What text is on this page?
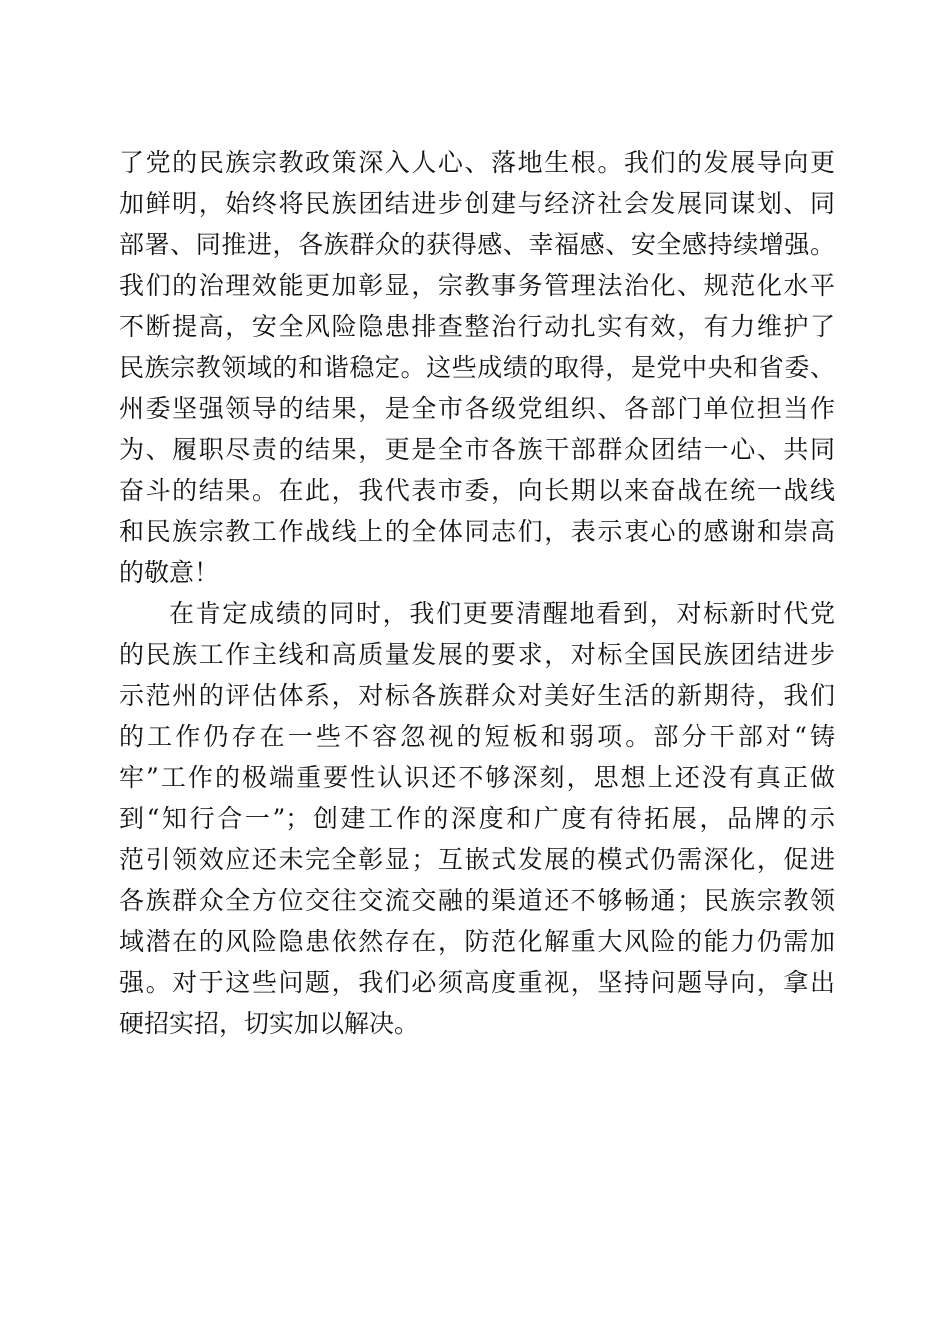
了党的民族宗教政策深入人心、落地生根。我们的发展导向更
加鲜明，始终将民族团结进步创建与经济社会发展同谋划、同
部署、同推进，各族群众的获得感、幸福感、安全感持续增强。
我们的治理效能更加彰显，宗教事务管理法治化、规范化水平
不断提高，安全风险隐患排查整治行动扎实有效，有力维护了
民族宗教领域的和谐稳定。这些成绩的取得，是党中央和省委、
州委坚强领导的结果，是全市各级党组织、各部门单位担当作
为、履职尽责的结果，更是全市各族干部群众团结一心、共同
奋斗的结果。在此，我代表市委，向长期以来奋战在统一战线
和民族宗教工作战线上的全体同志们，表示衷心的感谢和崇高
的敬意！
在肯定成绩的同时，我们更要清醒地看到，对标新时代党
的民族工作主线和高质量发展的要求，对标全国民族团结进步
示范州的评估体系，对标各族群众对美好生活的新期待，我们
的工作仍存在一些不容忽视的短板和弱项。部分干部对“铸
牢”工作的极端重要性认识还不够深刻，思想上还没有真正做
到“知行合一”；创建工作的深度和广度有待拓展，品牌的示
范引领效应还未完全彰显；互嵌式发展的模式仍需深化，促进
各族群众全方位交往交流交融的渠道还不够畅通；民族宗教领
域潜在的风险隐患依然存在，防范化解重大风险的能力仍需加
强。对于这些问题，我们必须高度重视，坚持问题导向，拿出
硬招实招，切实加以解决。
